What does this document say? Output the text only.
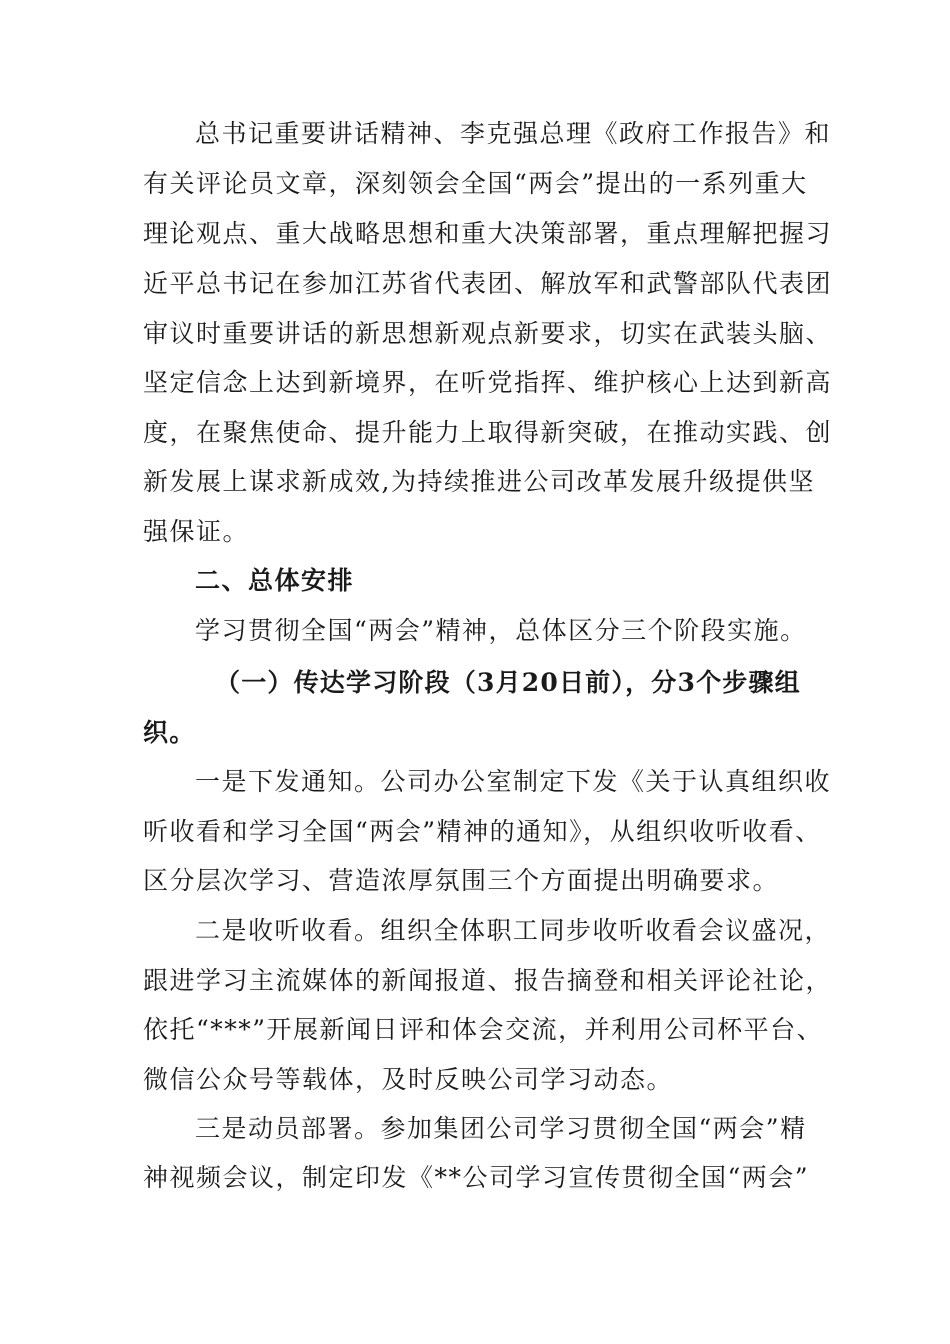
总书记重要讲话精神、李克强总理《政府工作报告》和
有关评论员文章，深刻领会全国“两会”提出的一系列重大
理论观点、重大战略思想和重大决策部署，重点理解把握习
近平总书记在参加江苏省代表团、解放军和武警部队代表团
审议时重要讲话的新思想新观点新要求，切实在武装头脑、
坚定信念上达到新境界，在听党指挥、维护核心上达到新高
度，在聚焦使命、提升能力上取得新突破，在推动实践、创
新发展上谋求新成效,为持续推进公司改革发展升级提供坚
强保证。
二、总体安排
学习贯彻全国“两会”精神，总体区分三个阶段实施。
（一）传达学习阶段（3月20日前），分3个步骤组
织。
一是下发通知。公司办公室制定下发《关于认真组织收
听收看和学习全国“两会”精神的通知》，从组织收听收看、
区分层次学习、营造浓厚氛围三个方面提出明确要求。
二是收听收看。组织全体职工同步收听收看会议盛况，
跟进学习主流媒体的新闻报道、报告摘登和相关评论社论，
依托“***”开展新闻日评和体会交流，并利用公司杯平台、
微信公众号等载体，及时反映公司学习动态。
三是动员部署。参加集团公司学习贯彻全国“两会”精
神视频会议，制定印发《**公司学习宣传贯彻全国“两会”
